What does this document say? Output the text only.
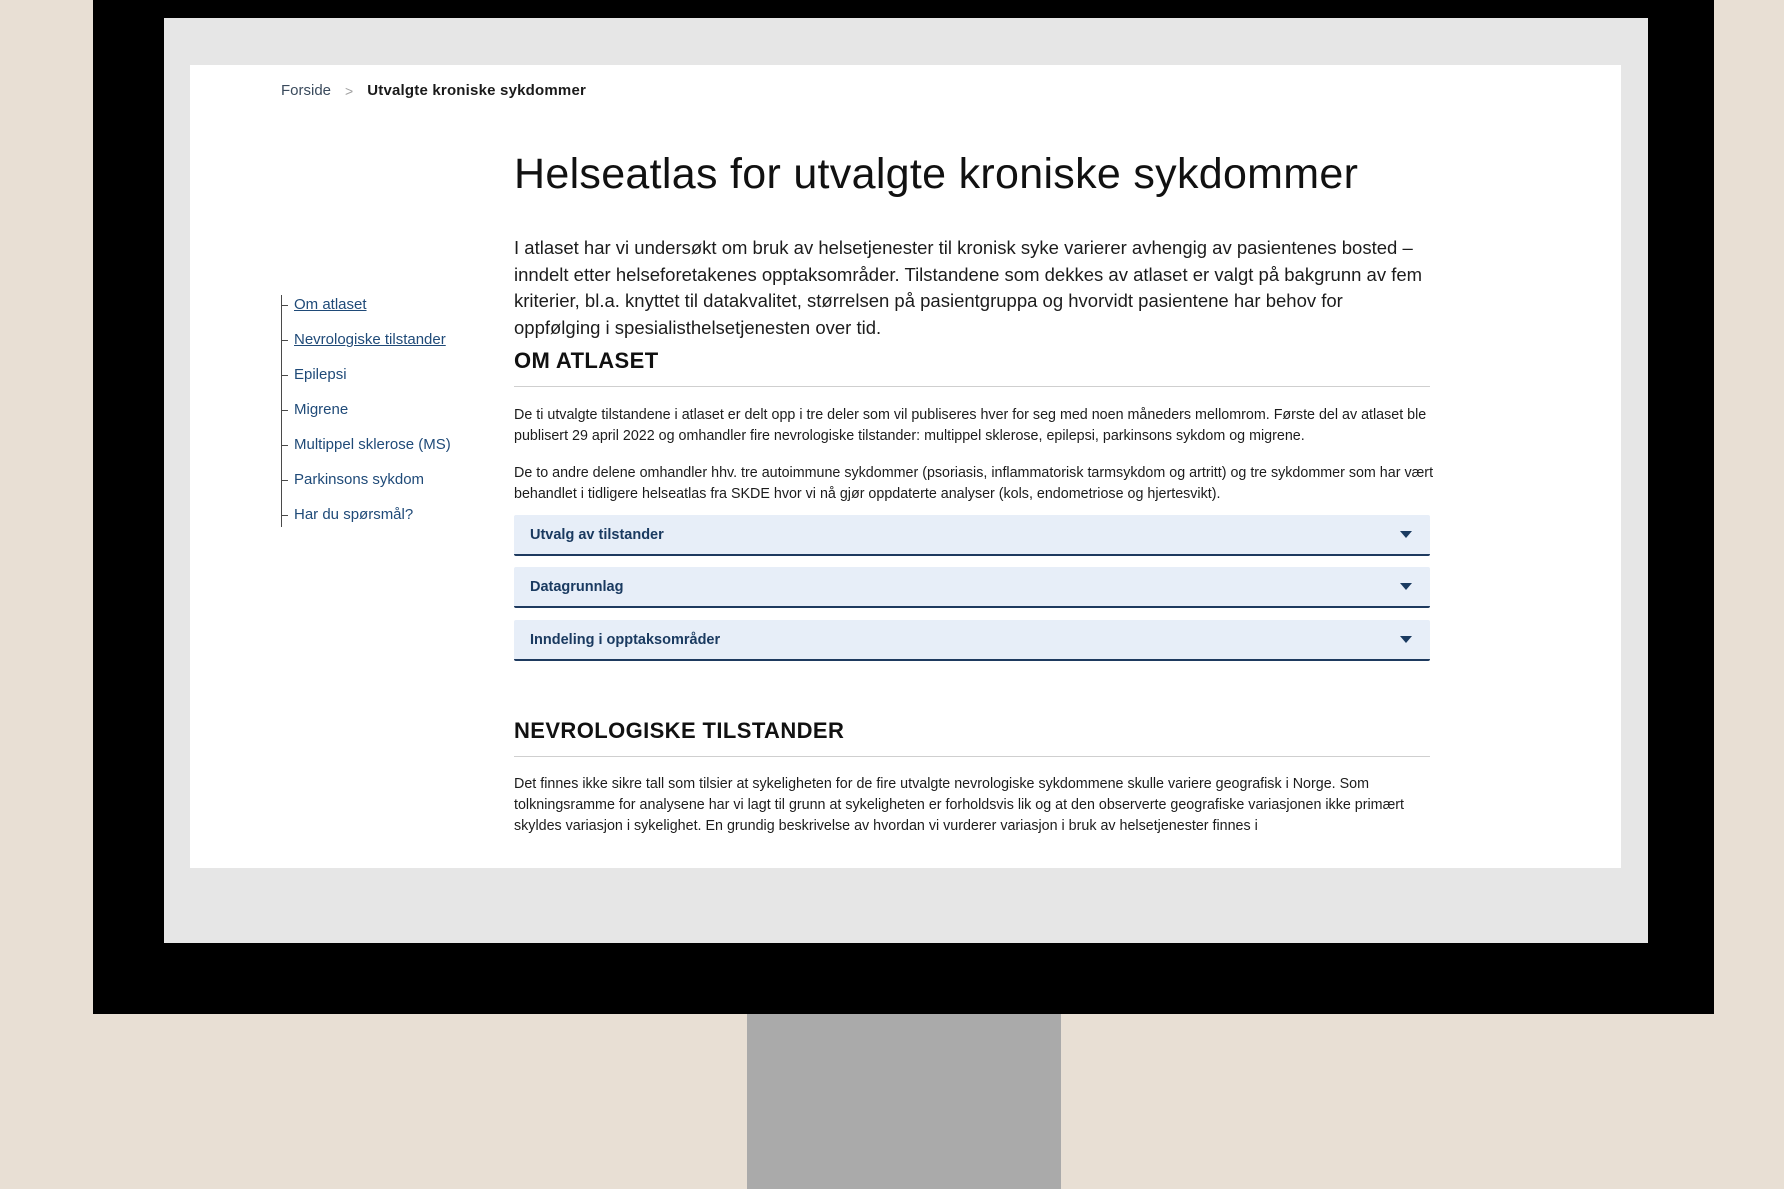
Forside > Utvalgte kroniske sykdommer
Om atlaset
Nevrologiske tilstander
Epilepsi
Migrene
Multippel sklerose (MS)
Parkinsons sykdom
Har du spørsmål?
Helseatlas for utvalgte kroniske sykdommer

I atlaset har vi undersøkt om bruk av helsetjenester til kronisk syke varierer avhengig av pasientenes bosted – inndelt etter helseforetakenes opptaksområder. Tilstandene som dekkes av atlaset er valgt på bakgrunn av fem kriterier, bl.a. knyttet til datakvalitet, størrelsen på pasientgruppa og hvorvidt pasientene har behov for oppfølging i spesialisthelsetjenesten over tid.

OM ATLASET

De ti utvalgte tilstandene i atlaset er delt opp i tre deler som vil publiseres hver for seg med noen måneders mellomrom. Første del av atlaset ble publisert 29 april 2022 og omhandler fire nevrologiske tilstander: multippel sklerose, epilepsi, parkinsons sykdom og migrene.

De to andre delene omhandler hhv. tre autoimmune sykdommer (psoriasis, inflammatorisk tarmsykdom og artritt) og tre sykdommer som har vært behandlet i tidligere helseatlas fra SKDE hvor vi nå gjør oppdaterte analyser (kols, endometriose og hjertesvikt).

Utvalg av tilstander
Datagrunnlag
Inndeling i opptaksområder
NEVROLOGISKE TILSTANDER

Det finnes ikke sikre tall som tilsier at sykeligheten for de fire utvalgte nevrologiske sykdommene skulle variere geografisk i Norge. Som tolkningsramme for analysene har vi lagt til grunn at sykeligheten er forholdsvis lik og at den observerte geografiske variasjonen ikke primært skyldes variasjon i sykelighet. En grundig beskrivelse av hvordan vi vurderer variasjon i bruk av helsetjenester finnes i
